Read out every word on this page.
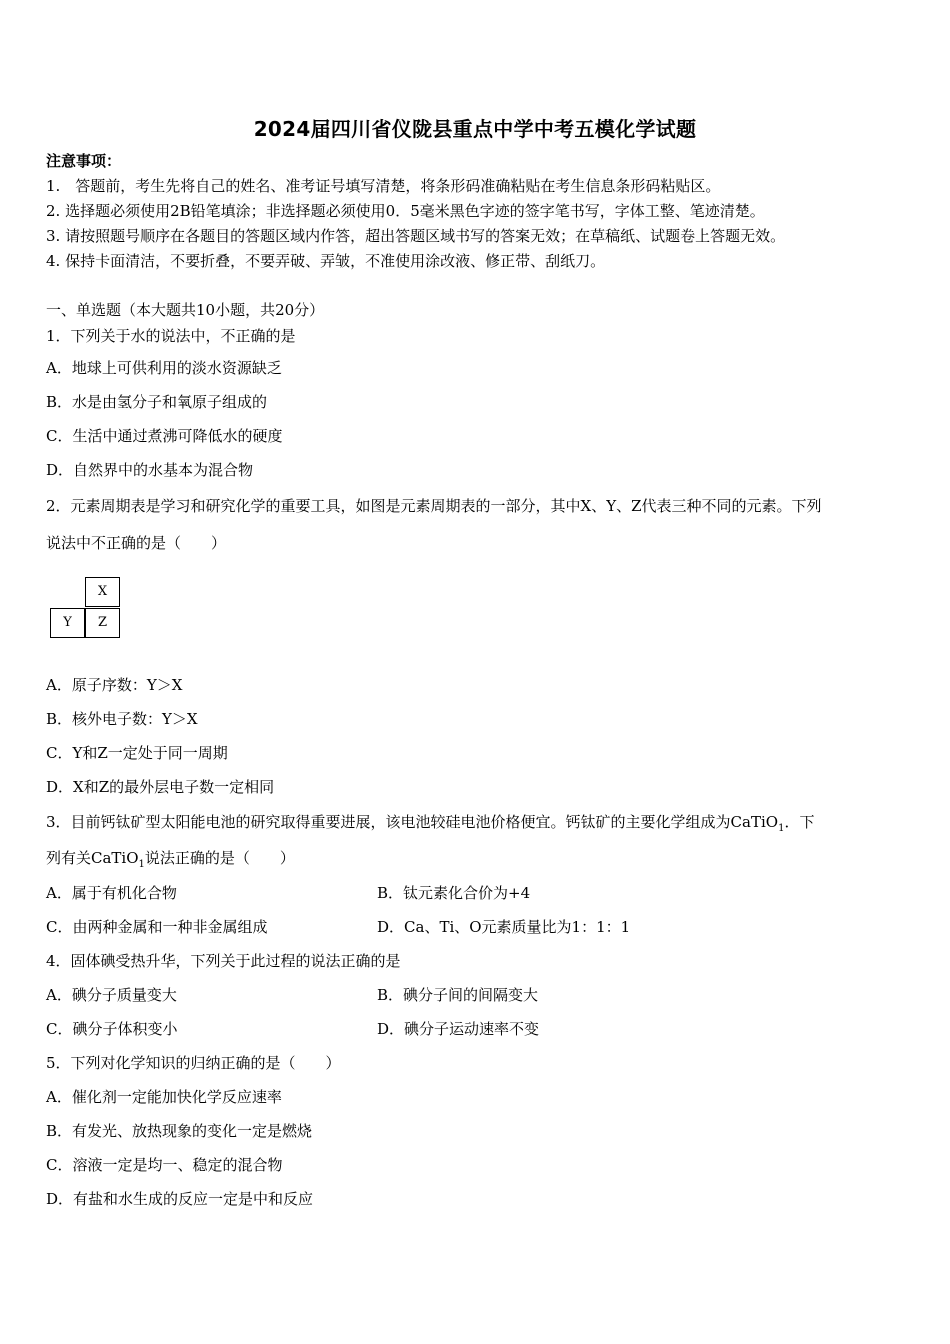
2024届四川省仪陇县重点中学中考五模化学试题
注意事项：
1.　答题前，考生先将自己的姓名、准考证号填写清楚，将条形码准确粘贴在考生信息条形码粘贴区。
2. 选择题必须使用2B铅笔填涂；非选择题必须使用0．5毫米黑色字迹的签字笔书写，字体工整、笔迹清楚。
3. 请按照题号顺序在各题目的答题区域内作答，超出答题区域书写的答案无效；在草稿纸、试题卷上答题无效。
4. 保持卡面清洁，不要折叠，不要弄破、弄皱，不准使用涂改液、修正带、刮纸刀。
一、单选题（本大题共10小题，共20分）
1．下列关于水的说法中，不正确的是
A．地球上可供利用的淡水资源缺乏
B．水是由氢分子和氧原子组成的
C．生活中通过煮沸可降低水的硬度
D．自然界中的水基本为混合物
2．元素周期表是学习和研究化学的重要工具，如图是元素周期表的一部分，其中X、Y、Z代表三种不同的元素。下列
说法中不正确的是（　　）
X
Y	Z
A．原子序数：Y＞X
B．核外电子数：Y＞X
C．Y和Z一定处于同一周期
D．X和Z的最外层电子数一定相同
3．目前钙钛矿型太阳能电池的研究取得重要进展，该电池较硅电池价格便宜。钙钛矿的主要化学组成为CaTiO$_1$．下
列有关CaTiO$_1$说法正确的是（　　）
A．属于有机化合物	B．钛元素化合价为+4
C．由两种金属和一种非金属组成	D．Ca、Ti、O元素质量比为1：1：1
4．固体碘受热升华，下列关于此过程的说法正确的是
A．碘分子质量变大	B．碘分子间的间隔变大
C．碘分子体积变小	D．碘分子运动速率不变
5．下列对化学知识的归纳正确的是（　　）
A．催化剂一定能加快化学反应速率
B．有发光、放热现象的变化一定是燃烧
C．溶液一定是均一、稳定的混合物
D．有盐和水生成的反应一定是中和反应
